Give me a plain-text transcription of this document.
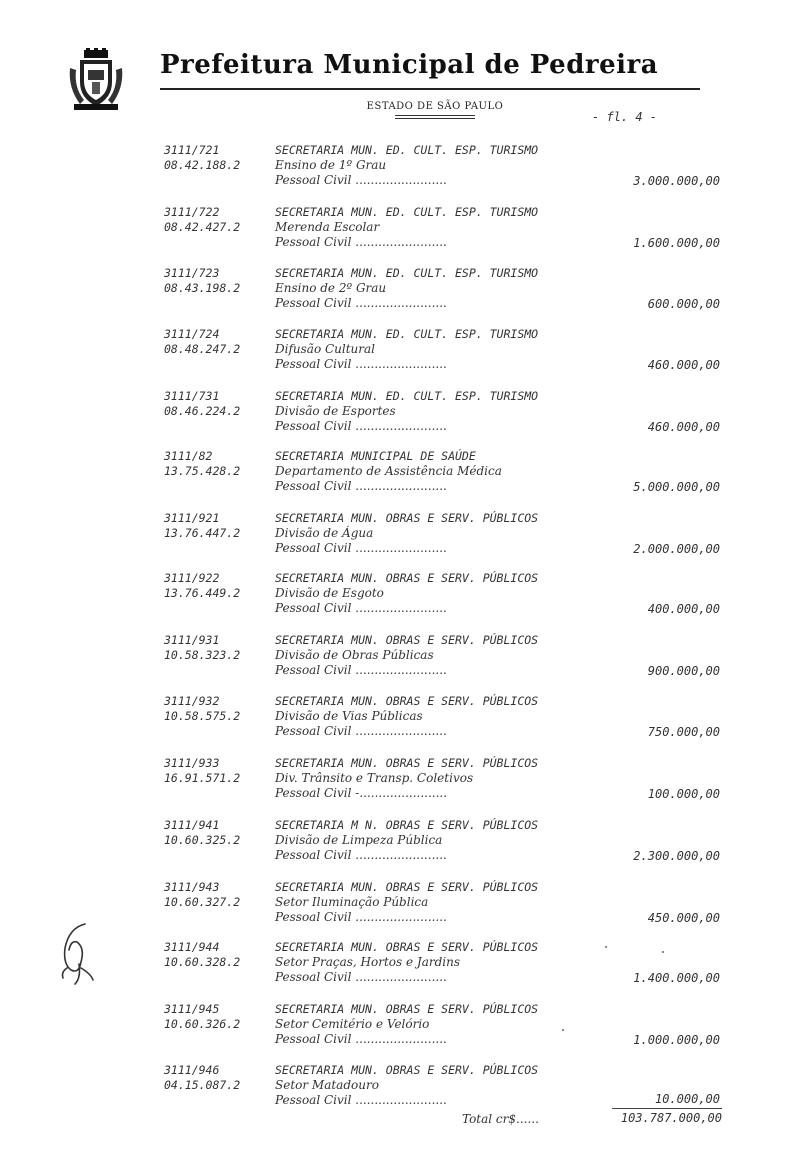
Prefeitura Municipal de Pedreira
ESTADO DE SÃO PAULO
- fl. 4 -
3111/721
08.42.188.2
SECRETARIA MUN. ED. CULT. ESP. TURISMO
Ensino de 1º Grau
Pessoal Civil ........................	3.000.000,00
3111/722
08.42.427.2
SECRETARIA MUN. ED. CULT. ESP. TURISMO
Merenda Escolar
Pessoal Civil ........................	1.600.000,00
3111/723
08.43.198.2
SECRETARIA MUN. ED. CULT. ESP. TURISMO
Ensino de 2º Grau
Pessoal Civil ........................	600.000,00
3111/724
08.48.247.2
SECRETARIA MUN. ED. CULT. ESP. TURISMO
Difusão Cultural
Pessoal Civil ........................	460.000,00
3111/731
08.46.224.2
SECRETARIA MUN. ED. CULT. ESP. TURISMO
Divisão de Esportes
Pessoal Civil ........................	460.000,00
3111/82
13.75.428.2
SECRETARIA MUNICIPAL DE SAÚDE
Departamento de Assistência Médica
Pessoal Civil ........................	5.000.000,00
3111/921
13.76.447.2
SECRETARIA MUN. OBRAS E SERV. PÚBLICOS
Divisão de Água
Pessoal Civil ........................	2.000.000,00
3111/922
13.76.449.2
SECRETARIA MUN. OBRAS E SERV. PÚBLICOS
Divisão de Esgoto
Pessoal Civil ........................	400.000,00
3111/931
10.58.323.2
SECRETARIA MUN. OBRAS E SERV. PÚBLICOS
Divisão de Obras Públicas
Pessoal Civil ........................	900.000,00
3111/932
10.58.575.2
SECRETARIA MUN. OBRAS E SERV. PÚBLICOS
Divisão de Vias Públicas
Pessoal Civil ........................	750.000,00
3111/933
16.91.571.2
SECRETARIA MUN. OBRAS E SERV. PÚBLICOS
Div. Trânsito e Transp. Coletivos
Pessoal Civil -.......................	100.000,00
3111/941
10.60.325.2
SECRETARIA M N. OBRAS E SERV. PÚBLICOS
Divisão de Limpeza Pública
Pessoal Civil ........................	2.300.000,00
3111/943
10.60.327.2
SECRETARIA MUN. OBRAS E SERV. PÚBLICOS
Setor Iluminação Pública
Pessoal Civil ........................	450.000,00
3111/944
10.60.328.2
SECRETARIA MUN. OBRAS E SERV. PÚBLICOS
Setor Praças, Hortos e Jardins
Pessoal Civil ........................	1.400.000,00
3111/945
10.60.326.2
SECRETARIA MUN. OBRAS E SERV. PÚBLICOS
Setor Cemitério e Velório
Pessoal Civil ........................	1.000.000,00
3111/946
04.15.087.2
SECRETARIA MUN. OBRAS E SERV. PÚBLICOS
Setor Matadouro
Pessoal Civil ........................	10.000,00
Total cr$......	103.787.000,00
